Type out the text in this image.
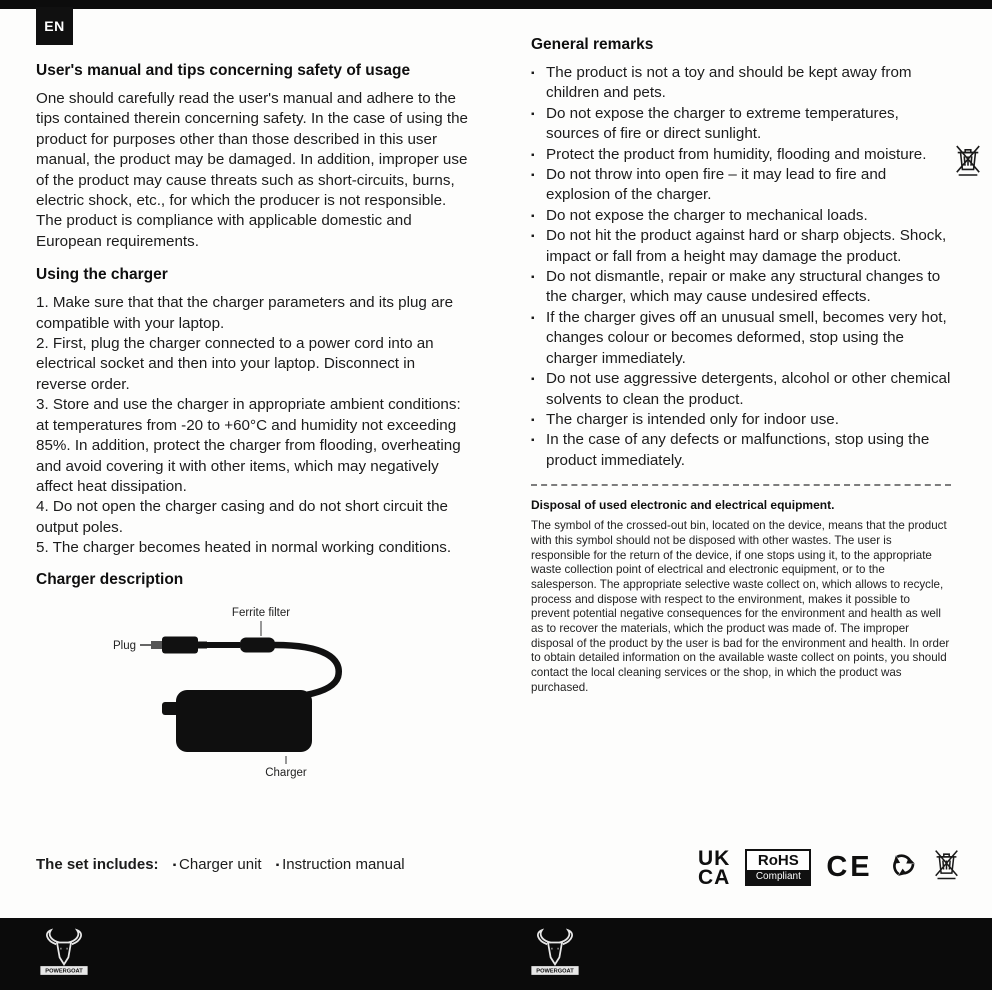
EN
User's manual and tips concerning safety of usage

One should carefully read the user's manual and adhere to the tips contained therein concerning safety. In the case of using the product for purposes other than those described in this user manual, the product may be damaged. In addition, improper use of the product may cause threats such as short-circuits, burns, electric shock, etc., for which the producer is not responsible. The product is compliance with applicable domestic and European requirements.

Using the charger

1. Make sure that that the charger parameters and its plug are compatible with your laptop.

2. First, plug the charger connected to a power cord into an electrical socket and then into your laptop. Disconnect in reverse order.

3. Store and use the charger in appropriate ambient conditions: at temperatures from -20 to +60°C and humidity not exceeding 85%. In addition, protect the charger from flooding, overheating and avoid covering it with other items, which may negatively affect heat dissipation.

4. Do not open the charger casing and do not short circuit the output poles.

5. The charger becomes heated in normal working conditions.

Charger description
Ferrite filter
Plug
Charger
The set includes: ▪ Charger unit ▪ Instruction manual
General remarks
▪ The product is not a toy and should be kept away from children and pets.
▪ Do not expose the charger to extreme temperatures, sources of fire or direct sunlight.
▪ Protect the product from humidity, flooding and moisture.
▪ Do not throw into open fire – it may lead to fire and explosion of the charger.
▪ Do not expose the charger to mechanical loads.
▪ Do not hit the product against hard or sharp objects. Shock, impact or fall from a height may damage the product.
▪ Do not dismantle, repair or make any structural changes to the charger, which may cause undesired effects.
▪ If the charger gives off an unusual smell, becomes very hot, changes colour or becomes deformed, stop using the charger immediately.
▪ Do not use aggressive detergents, alcohol or other chemical solvents to clean the product.
▪ The charger is intended only for indoor use.
▪ In the case of any defects or malfunctions, stop using the product immediately.
Disposal of used electronic and electrical equipment.

The symbol of the crossed-out bin, located on the device, means that the product with this symbol should not be disposed with other wastes. The user is responsible for the return of the device, if one stops using it, to the appropriate waste collection point of electrical and electronic equipment, or to the salesperson. The appropriate selective waste collect on, which allows to recycle, process and dispose with respect to the environment, makes it possible to prevent potential negative consequences for the environment and health as well as to recover the materials, which the product was made of. The improper disposal of the product by the user is bad for the environment and health. In order to obtain detailed information on the available waste collect on points, you should contact the local cleaning services or the shop, in which the product was purchased.

UK
CA
RoHS
Compliant CE
POWERGOAT	POWERGOAT
